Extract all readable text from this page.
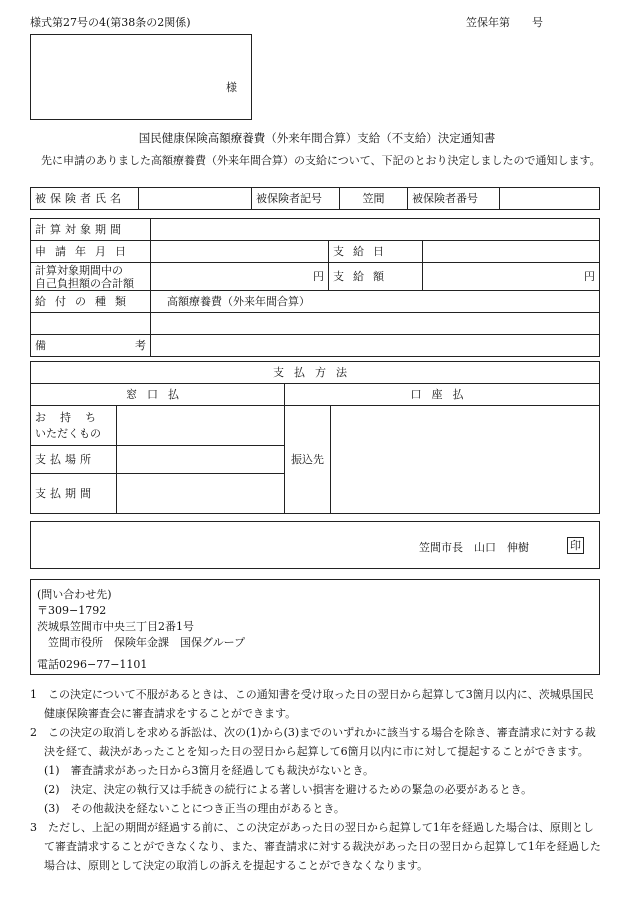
様式第27号の4(第38条の2関係)	笠保年第　　号
様
国民健康保険高額療養費（外来年間合算）支給（不支給）決定通知書
　先に申請のありました高額療養費（外来年間合算）の支給について、下記のとおり決定しましたので通知します。
被保険者氏名		被保険者記号	笠間	被保険者番号	
計算対象期間			
申請年月日		支給日	
計算対象期間中の
自己負担額の合計額	円	支給額	円
給付の種類	高額療養費（外来年間合算）		

備 考			

支払方法			
窓口払		口座払	
お持ち
いただくもの		振込先	
支払場所			
支払期間			
笠間市長　山口　伸樹	印
(問い合わせ先)
〒309−1792
茨城県笠間市中央三丁目2番1号
　笠間市役所　保険年金課　国保グループ
電話0296−77−1101

1　この決定について不服があるときは、この通知書を受け取った日の翌日から起算して3箇月以内に、茨城県国民健康保険審査会に審査請求をすることができます。

2　この決定の取消しを求める訴訟は、次の(1)から(3)までのいずれかに該当する場合を除き、審査請求に対する裁決を経て、裁決があったことを知った日の翌日から起算して6箇月以内に市に対して提起することができます。

(1)　審査請求があった日から3箇月を経過しても裁決がないとき。

(2)　決定、決定の執行又は手続きの続行による著しい損害を避けるための緊急の必要があるとき。

(3)　その他裁決を経ないことにつき正当の理由があるとき。

3　ただし、上記の期間が経過する前に、この決定があった日の翌日から起算して1年を経過した場合は、原則として審査請求することができなくなり、また、審査請求に対する裁決があった日の翌日から起算して1年を経過した場合は、原則として決定の取消しの訴えを提起することができなくなります。
